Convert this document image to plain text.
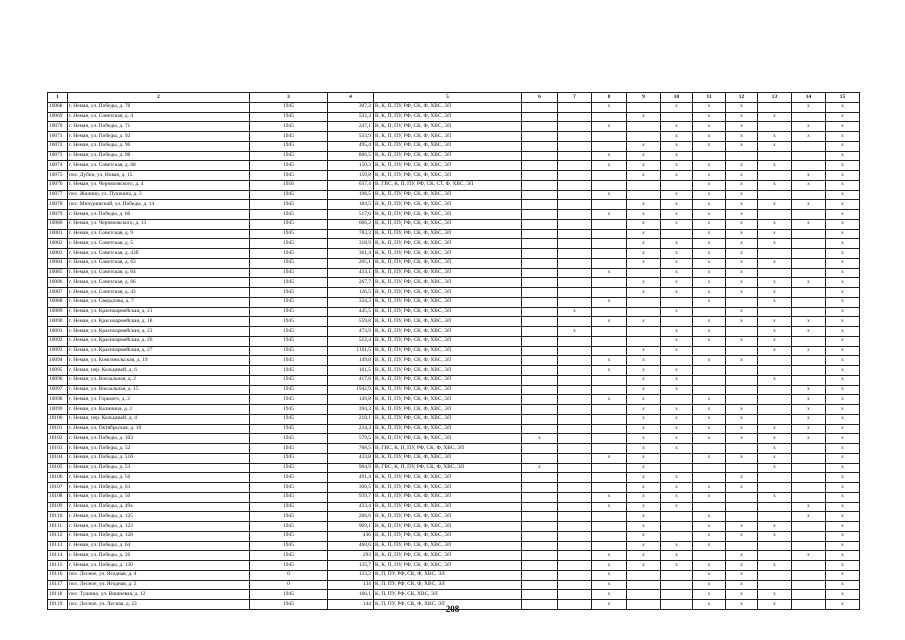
1	2	3	4	5	6	7	8	9	10	11	12	13	14	15
10068	г. Неман, ул. Победы, д. 78	1945	307,2	В, К, П, ПУ, РФ, СК, Ф, ХВС, ЭЛ			x		x	x	x		x	x
10069	г. Неман, ул. Советская, д. 4	1945	532,3	В, К, П, ПУ, РФ, СК, Ф, ХВС, ЭЛ				x		x	x	x		x
10070	г. Неман, ул. Победы, д. 71	1945	247,1	В, К, П, ПУ, РФ, СК, Ф, ХВС, ЭЛ			x		x	x	x		x	x
10071	г. Неман, ул. Победы, д. 92	1945	533,9	В, К, П, ПУ, РФ, СК, Ф, ХВС, ЭЛ					x	x	x	x	x	x
10072	г. Неман, ул. Победы, д. 96	1945	495,4	В, К, П, ПУ, РФ, СК, Ф, ХВС, ЭЛ				x	x	x	x	x		x
10073	г. Неман, ул. Победы, д. 98	1945	866,5	В, К, П, ПУ, РФ, СК, Ф, ХВС, ЭЛ			x	x	x					x
10074	г. Неман, ул. Советская, д. 68	1945	150,3	В, К, П, ПУ, РФ, СК, Ф, ХВС, ЭЛ			x	x	x	x	x	x		x
10075	пос. Дубки, ул. Новая, д. 15	1945	159,8	В, К, П, ПУ, РФ, СК, Ф, ХВС, ЭЛ				x	x	x	x		x	x
10076	г. Неман, ул. Черняховского, д. 4	1956	637,4	В, ГВС, К, П, ПУ, РФ, СК, СТ, Ф, ХВС, ЭЛ						x	x	x	x	x
10077	пос. Жилино, ул. Пушкина, д. 3	1945	198,5	В, К, П, ПУ, РФ, СК, Ф, ХВС, ЭЛ			x		x	x	x			x
10078	пос. Мичуринский, ул. Победы, д. 14	1945	184,5	В, К, П, ПУ, РФ, СК, Ф, ХВС, ЭЛ				x	x	x	x	x	x	x
10079	г. Неман, ул. Победы, д. 66	1945	517,6	В, К, П, ПУ, РФ, СК, Ф, ХВС, ЭЛ			x	x	x	x	x			x
10080	г. Неман, ул. Черняховского, д. 13	1945	666,2	В, К, П, ПУ, РФ, СК, Ф, ХВС, ЭЛ				x	x	x	x	x	x	x
10081	г. Неман, ул. Советская, д. 9	1945	783,3	В, К, П, ПУ, РФ, СК, Ф, ХВС, ЭЛ				x		x	x	x		x
10082	г. Неман, ул. Советская, д. 5	1945	318,9	В, К, П, ПУ, РФ, СК, Ф, ХВС, ЭЛ				x	x	x	x	x		x
10083	г. Неман, ул. Советская, д. 43б	1945	361,4	В, К, П, ПУ, РФ, СК, Ф, ХВС, ЭЛ				x	x	x	x			x
10084	г. Неман, ул. Советская, д. 63	1945	205,1	В, К, П, ПУ, РФ, СК, Ф, ХВС, ЭЛ				x	x	x	x	x		x
10085	г. Неман, ул. Советская, д. 64	1945	433,1	В, К, П, ПУ, РФ, СК, Ф, ХВС, ЭЛ			x		x	x	x			x
10086	г. Неман, ул. Советская, д. 66	1945	267,7	В, К, П, ПУ, РФ, СК, Ф, ХВС, ЭЛ				x	x	x	x	x	x	x
10087	г. Неман, ул. Советская, д. 43	1945	126,5	В, К, П, ПУ, РФ, СК, Ф, ХВС, ЭЛ				x	x	x	x	x		x
10088	г. Неман, ул. Свердлова, д. 7	1945	334,3	В, К, П, ПУ, РФ, СК, Ф, ХВС, ЭЛ			x			x		x		x
10089	г. Неман, ул. Красноармейская, д. 21	1945	445,5	В, К, П, ПУ, РФ, СК, Ф, ХВС, ЭЛ		x			x		x			x
10090	г. Неман, ул. Красноармейская, д. 18	1945	559,8	В, К, П, ПУ, РФ, СК, Ф, ХВС, ЭЛ			x	x		x	x	x	x	x
10091	г. Неман, ул. Красноармейская, д. 23	1945	473,9	В, К, П, ПУ, РФ, СК, Ф, ХВС, ЭЛ		x			x	x		x	x	x
10092	г. Неман, ул. Красноармейская, д. 26	1945	512,4	В, К, П, ПУ, РФ, СК, Ф, ХВС, ЭЛ					x	x	x	x		x
10093	г. Неман, ул. Красноармейская, д. 27	1945	1101,5	В, К, П, ПУ, РФ, СК, Ф, ХВС, ЭЛ				x	x			x	x	x
10094	г. Неман, ул. Комсомольская, д. 19	1945	149,8	В, К, П, ПУ, РФ, СК, Ф, ХВС, ЭЛ			x	x		x	x			x
10095	г. Неман, пер. Кольцевой, д. 6	1945	161,5	В, К, П, ПУ, РФ, СК, Ф, ХВС, ЭЛ			x	x	x					x
10096	г. Неман, ул. Вокзальная, д. 2	1945	417,6	В, К, П, ПУ, РФ, СК, Ф, ХВС, ЭЛ				x	x			x		x
10097	г. Неман, ул. Вокзальная, д. 15	1945	1942,9	В, К, П, ПУ, РФ, СК, Ф, ХВС, ЭЛ				x	x				x	x
10098	г. Неман, ул. Горького, д. 2	1945	149,8	В, К, П, ПУ, РФ, СК, Ф, ХВС, ЭЛ			x	x		x			x	x
10099	г. Неман, ул. Калинина, д. 2	1945	394,3	В, К, П, ПУ, РФ, СК, Ф, ХВС, ЭЛ				x	x	x	x		x	x
10100	г. Неман, пер. Кольцевой, д. 4	1945	218,1	В, К, П, ПУ, РФ, СК, Ф, ХВС, ЭЛ				x	x	x	x		x	x
10101	г. Неман, ул. Октябрьская, д. 10	1945	234,3	В, К, П, ПУ, РФ, СК, Ф, ХВС, ЭЛ				x	x	x	x	x	x	x
10102	г. Неман, ул. Победы, д. 103	1945	579,5	В, К, П, ПУ, РФ, СК, Ф, ХВС, ЭЛ	x			x	x	x	x	x	x	x
10103	г. Неман, ул. Победы, д. 52	1945	768,5	В, ГВС, К, П, ПУ, РФ, СК, Ф, ХВС, ЭЛ				x	x			x		x
10104	г. Неман, ул. Победы, д. 51б	1945	433,8	В, К, П, ПУ, РФ, СК, Ф, ХВС, ЭЛ			x	x		x	x	x		x
10105	г. Неман, ул. Победы, д. 53	1945	904,9	В, ГВС, К, П, ПУ, РФ, СК, Ф, ХВС, ЭЛ	x			x				x		x
10106	г. Неман, ул. Победы, д. 56	1945	491,4	В, К, П, ПУ, РФ, СК, Ф, ХВС, ЭЛ				x	x		x			x
10107	г. Неман, ул. Победы, д. 63	1945	306,5	В, К, П, ПУ, РФ, СК, Ф, ХВС, ЭЛ				x	x	x	x			x
10108	г. Неман, ул. Победы, д. 50	1945	939,7	В, К, П, ПУ, РФ, СК, Ф, ХВС, ЭЛ			x	x	x	x		x		x
10109	г. Неман, ул. Победы, д. 49а	1945	433,4	В, К, П, ПУ, РФ, СК, Ф, ХВС, ЭЛ			x	x	x				x	x
10110	г. Неман, ул. Победы, д. 125	1945	266,6	В, К, П, ПУ, РФ, СК, Ф, ХВС, ЭЛ				x		x			x	x
10111	г. Неман, ул. Победы, д. 123	1945	969,1	В, К, П, ПУ, РФ, СК, Ф, ХВС, ЭЛ				x		x	x	x		x
10112	г. Неман, ул. Победы, д. 128	1945	436	В, К, П, ПУ, РФ, СК, Ф, ХВС, ЭЛ				x		x	x	x		x
10113	г. Неман, ул. Победы, д. 64	1945	460,6	В, К, П, ПУ, РФ, СК, Ф, ХВС, ЭЛ				x	x	x				x
10114	г. Неман, ул. Победы, д. 26	1945	293	В, К, П, ПУ, РФ, СК, Ф, ХВС, ЭЛ			x	x	x		x		x	x
10115	г. Неман, ул. Победы, д. 130	1945	135,7	В, К, П, ПУ, РФ, СК, Ф, ХВС, ЭЛ			x	x	x	x	x	x		x
10116	пос. Лесное, ул. Ягодная, д. 4	0	133,2	К, П, ПУ, РФ, СК, Ф, ХВС, ЭЛ			x			x	x			x
10117	пос. Лесное, ул. Ягодная, д. 2	0	134	К, П, ПУ, РФ, СК, Ф, ХВС, ЭЛ			x			x	x			x
10118	пос. Тушино, ул. Вишневая, д. 12	1945	166,1	К, П, ПУ, РФ, СК, ХВС, ЭЛ			x			x	x	x		x
10119	пос. Лесное, ул. Лесная, д. 23	1945	144	К, П, ПУ, РФ, СК, Ф, ХВС, ЭЛ			x			x	x	x		x
208
